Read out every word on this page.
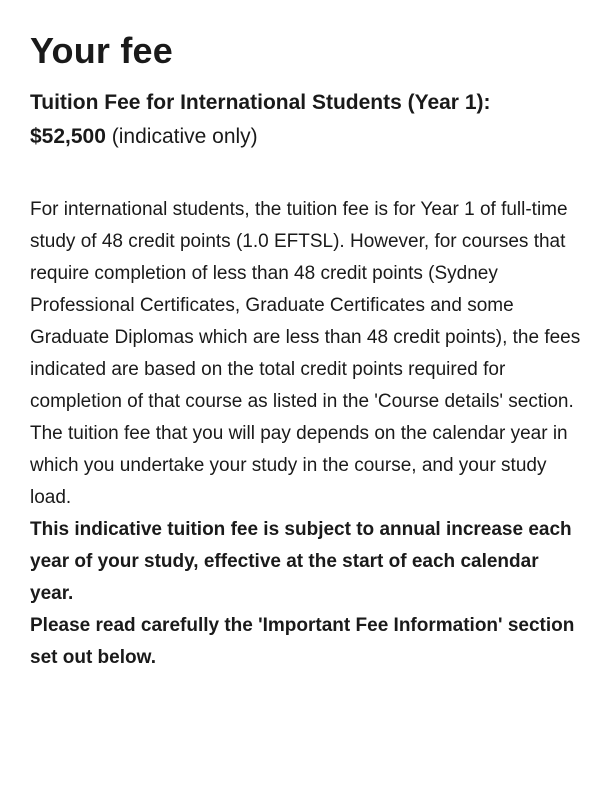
Your fee
Tuition Fee for International Students (Year 1):
$52,500 (indicative only)

For international students, the tuition fee is for Year 1 of full-time study of 48 credit points (1.0 EFTSL). However, for courses that require completion of less than 48 credit points (Sydney Professional Certificates, Graduate Certificates and some Graduate Diplomas which are less than 48 credit points), the fees indicated are based on the total credit points required for completion of that course as listed in the 'Course details' section.

The tuition fee that you will pay depends on the calendar year in which you undertake your study in the course, and your study load.

This indicative tuition fee is subject to annual increase each year of your study, effective at the start of each calendar year.

Please read carefully the 'Important Fee Information' section set out below.
